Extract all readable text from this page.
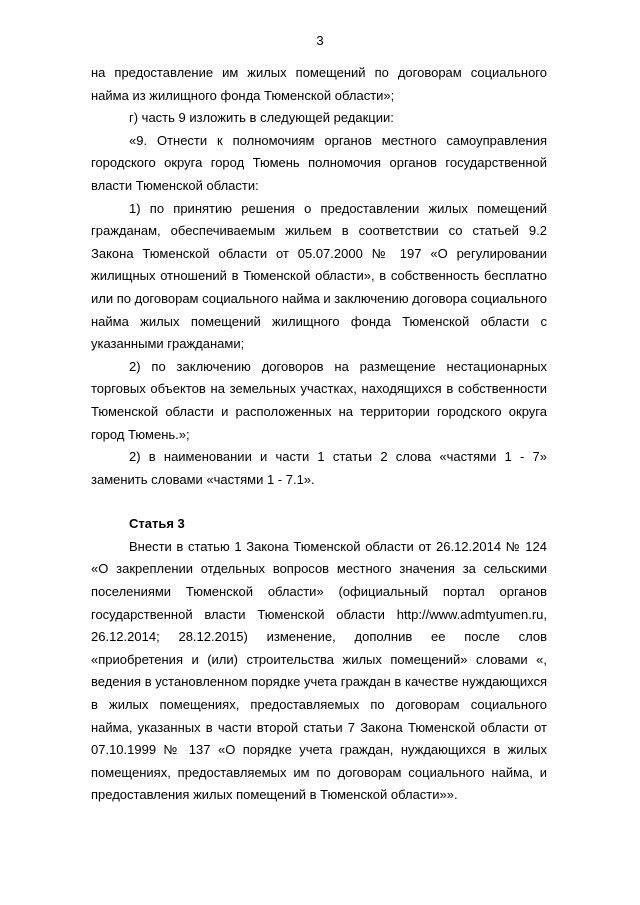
3

на предоставление им жилых помещений по договорам социального найма из жилищного фонда Тюменской области»;

г) часть 9 изложить в следующей редакции:

«9. Отнести к полномочиям органов местного самоуправления городского округа город Тюмень полномочия органов государственной власти Тюменской области:

1) по принятию решения о предоставлении жилых помещений гражданам, обеспечиваемым жильем в соответствии со статьей 9.2 Закона Тюменской области от 05.07.2000 № 197 «О регулировании жилищных отношений в Тюменской области», в собственность бесплатно или по договорам социального найма и заключению договора социального найма жилых помещений жилищного фонда Тюменской области с указанными гражданами;

2) по заключению договоров на размещение нестационарных торговых объектов на земельных участках, находящихся в собственности Тюменской области и расположенных на территории городского округа город Тюмень.»;

2) в наименовании и части 1 статьи 2 слова «частями 1 - 7» заменить словами «частями 1 - 7.1».

Статья 3

Внести в статью 1 Закона Тюменской области от 26.12.2014 № 124 «О закреплении отдельных вопросов местного значения за сельскими поселениями Тюменской области» (официальный портал органов государственной власти Тюменской области http://www.admtyumen.ru, 26.12.2014; 28.12.2015) изменение, дополнив ее после слов «приобретения и (или) строительства жилых помещений» словами «, ведения в установленном порядке учета граждан в качестве нуждающихся в жилых помещениях, предоставляемых по договорам социального найма, указанных в части второй статьи 7 Закона Тюменской области от 07.10.1999 № 137 «О порядке учета граждан, нуждающихся в жилых помещениях, предоставляемых им по договорам социального найма, и предоставления жилых помещений в Тюменской области»».
